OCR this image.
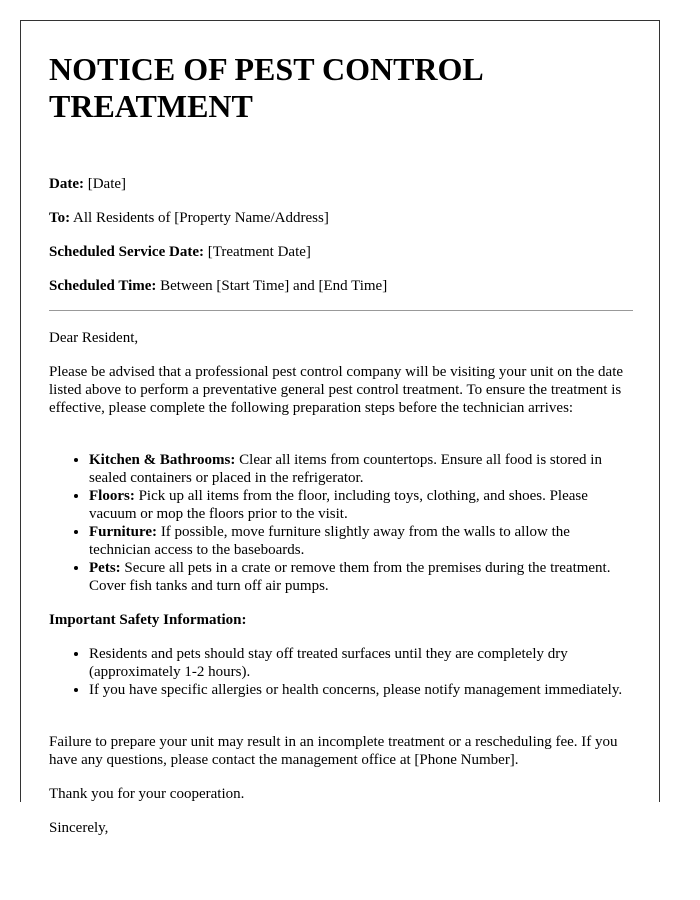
NOTICE OF PEST CONTROL TREATMENT

Date: [Date]

To: All Residents of [Property Name/Address]

Scheduled Service Date: [Treatment Date]

Scheduled Time: Between [Start Time] and [End Time]

Dear Resident,

Please be advised that a professional pest control company will be visiting your unit on the date listed above to perform a preventative general pest control treatment. To ensure the treatment is effective, please complete the following preparation steps before the technician arrives:

• Kitchen & Bathrooms: Clear all items from countertops. Ensure all food is stored in sealed containers or placed in the refrigerator.
• Floors: Pick up all items from the floor, including toys, clothing, and shoes. Please vacuum or mop the floors prior to the visit.
• Furniture: If possible, move furniture slightly away from the walls to allow the technician access to the baseboards.
• Pets: Secure all pets in a crate or remove them from the premises during the treatment. Cover fish tanks and turn off air pumps.

Important Safety Information:

• Residents and pets should stay off treated surfaces until they are completely dry (approximately 1-2 hours).
• If you have specific allergies or health concerns, please notify management immediately.

Failure to prepare your unit may result in an incomplete treatment or a rescheduling fee. If you have any questions, please contact the management office at [Phone Number].

Thank you for your cooperation.

Sincerely,
